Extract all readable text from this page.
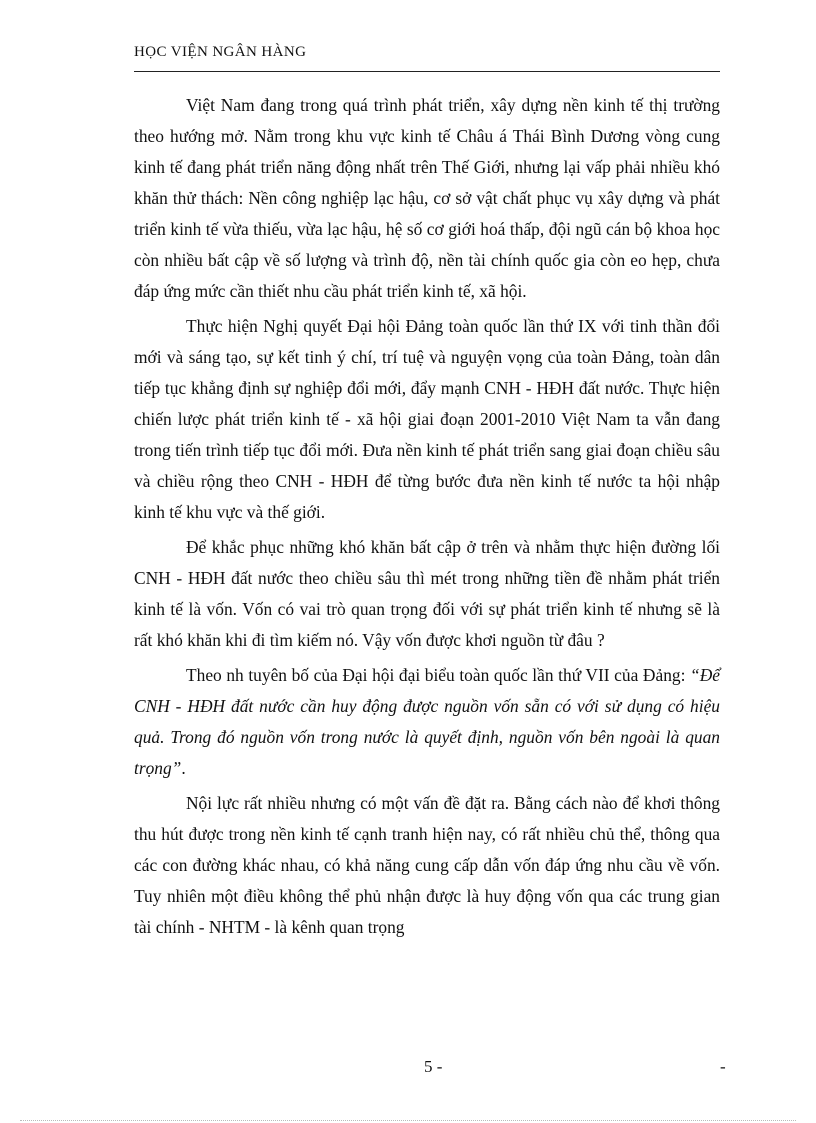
HỌC VIỆN NGÂN HÀNG

Việt Nam đang trong quá trình phát triển, xây dựng nền kinh tế thị trường theo hướng mở. Nằm trong khu vực kinh tế Châu á Thái Bình Dương vòng cung kinh tế đang phát triển năng động nhất trên Thế Giới, nhưng lại vấp phải nhiều khó khăn thử thách: Nền công nghiệp lạc hậu, cơ sở vật chất phục vụ xây dựng và phát triển kinh tế vừa thiếu, vừa lạc hậu, hệ số cơ giới hoá thấp, đội ngũ cán bộ khoa học còn nhiều bất cập về số lượng và trình độ, nền tài chính quốc gia còn eo hẹp, chưa đáp ứng mức cần thiết nhu cầu phát triển kinh tế, xã hội.

Thực hiện Nghị quyết Đại hội Đảng toàn quốc lần thứ IX với tinh thần đổi mới và sáng tạo, sự kết tinh ý chí, trí tuệ và nguyện vọng của toàn Đảng, toàn dân tiếp tục khẳng định sự nghiệp đổi mới, đẩy mạnh CNH - HĐH đất nước. Thực hiện chiến lược phát triển kinh tế - xã hội giai đoạn 2001-2010 Việt Nam ta vẫn đang trong tiến trình tiếp tục đổi mới. Đưa nền kinh tế phát triển sang giai đoạn chiều sâu và chiều rộng theo CNH - HĐH để từng bước đưa nền kinh tế nước ta hội nhập kinh tế khu vực và thế giới.

Để khắc phục những khó khăn bất cập ở trên và nhằm thực hiện đường lối CNH - HĐH đất nước theo chiều sâu thì mét trong những tiền đề nhằm phát triển kinh tế là vốn. Vốn có vai trò quan trọng đối với sự phát triển kinh tế nhưng sẽ là rất khó khăn khi đi tìm kiếm nó. Vậy vốn được khơi nguồn từ đâu ?

Theo nh tuyên bố của Đại hội đại biểu toàn quốc lần thứ VII của Đảng: “Để CNH - HĐH đất nước cần huy động được nguồn vốn sẵn có với sử dụng có hiệu quả. Trong đó nguồn vốn trong nước là quyết định, nguồn vốn bên ngoài là quan trọng”.

Nội lực rất nhiều nhưng có một vấn đề đặt ra. Bằng cách nào để khơi thông thu hút được trong nền kinh tế cạnh tranh hiện nay, có rất nhiều chủ thể, thông qua các con đường khác nhau, có khả năng cung cấp dẫn vốn đáp ứng nhu cầu về vốn. Tuy nhiên một điều không thể phủ nhận được là huy động vốn qua các trung gian tài chính - NHTM - là kênh quan trọng

5 -	-
